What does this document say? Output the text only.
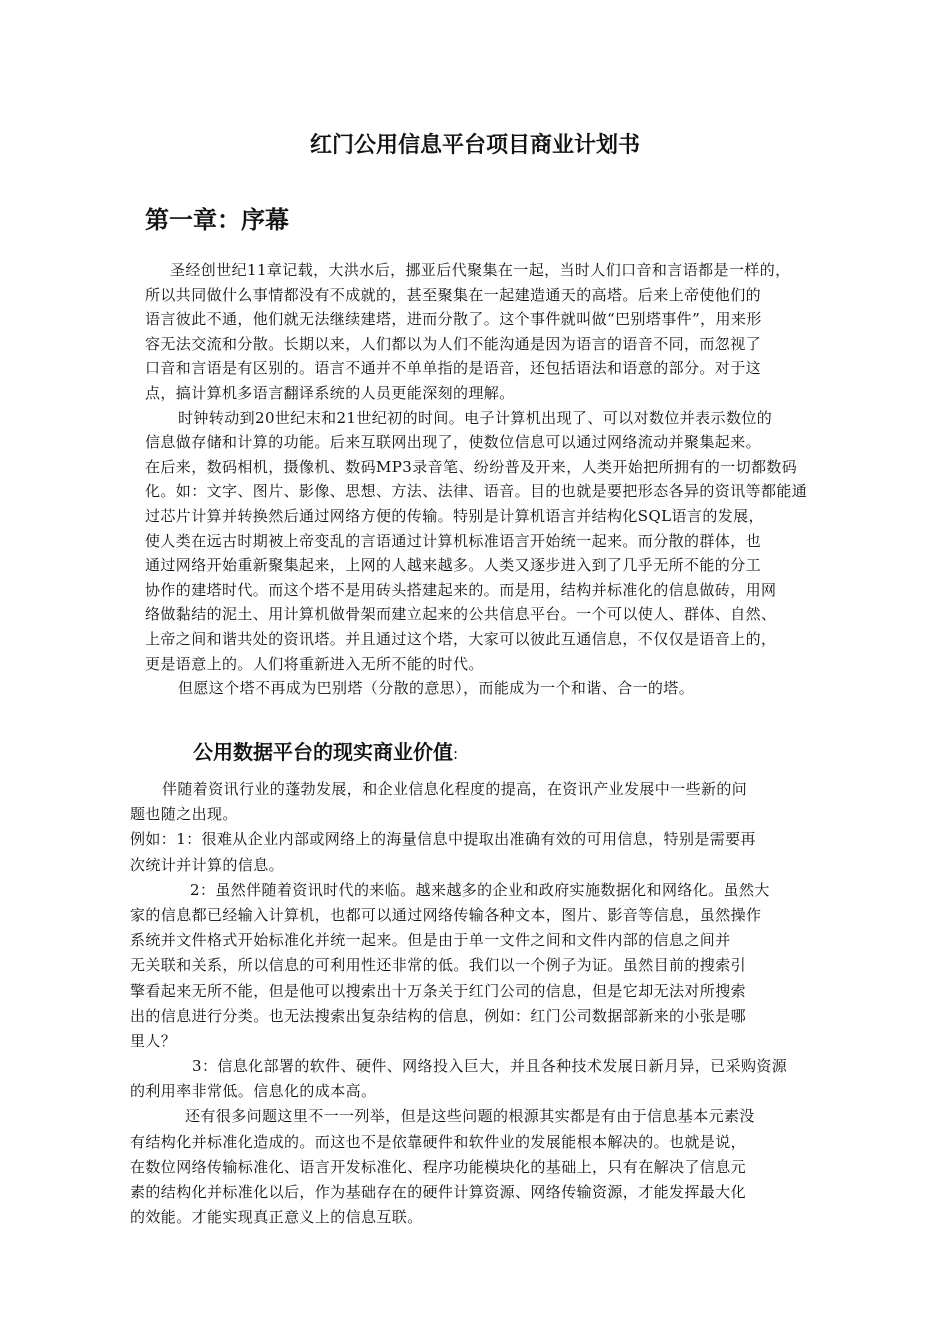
红门公用信息平台项目商业计划书
第一章：序幕
圣经创世纪11章记载，大洪水后，挪亚后代聚集在一起，当时人们口音和言语都是一样的，
所以共同做什么事情都没有不成就的，甚至聚集在一起建造通天的高塔。后来上帝使他们的
语言彼此不通，他们就无法继续建塔，进而分散了。这个事件就叫做“巴别塔事件”，用来形
容无法交流和分散。长期以来，人们都以为人们不能沟通是因为语言的语音不同，而忽视了
口音和言语是有区别的。语言不通并不单单指的是语音，还包括语法和语意的部分。对于这
点，搞计算机多语言翻译系统的人员更能深刻的理解。
时钟转动到20世纪末和21世纪初的时间。电子计算机出现了、可以对数位并表示数位的
信息做存储和计算的功能。后来互联网出现了，使数位信息可以通过网络流动并聚集起来。
在后来，数码相机，摄像机、数码MP3录音笔、纷纷普及开来，人类开始把所拥有的一切都数码
化。如：文字、图片、影像、思想、方法、法律、语音。目的也就是要把形态各异的资讯等都能通
过芯片计算并转换然后通过网络方便的传输。特别是计算机语言并结构化SQL语言的发展，
使人类在远古时期被上帝变乱的言语通过计算机标准语言开始统一起来。而分散的群体，也
通过网络开始重新聚集起来，上网的人越来越多。人类又逐步进入到了几乎无所不能的分工
协作的建塔时代。而这个塔不是用砖头搭建起来的。而是用，结构并标准化的信息做砖，用网
络做黏结的泥土、用计算机做骨架而建立起来的公共信息平台。一个可以使人、群体、自然、
上帝之间和谐共处的资讯塔。并且通过这个塔，大家可以彼此互通信息，不仅仅是语音上的，
更是语意上的。人们将重新进入无所不能的时代。
但愿这个塔不再成为巴别塔（分散的意思），而能成为一个和谐、合一的塔。
公用数据平台的现实商业价值:
伴随着资讯行业的蓬勃发展，和企业信息化程度的提高，在资讯产业发展中一些新的问
题也随之出现。
例如：1：很难从企业内部或网络上的海量信息中提取出准确有效的可用信息，特别是需要再
次统计并计算的信息。
2：虽然伴随着资讯时代的来临。越来越多的企业和政府实施数据化和网络化。虽然大
家的信息都已经输入计算机，也都可以通过网络传输各种文本，图片、影音等信息，虽然操作
系统并文件格式开始标准化并统一起来。但是由于单一文件之间和文件内部的信息之间并
无关联和关系，所以信息的可利用性还非常的低。我们以一个例子为证。虽然目前的搜索引
擎看起来无所不能，但是他可以搜索出十万条关于红门公司的信息，但是它却无法对所搜索
出的信息进行分类。也无法搜索出复杂结构的信息，例如：红门公司数据部新来的小张是哪
里人？
3：信息化部署的软件、硬件、网络投入巨大，并且各种技术发展日新月异，已采购资源
的利用率非常低。信息化的成本高。
还有很多问题这里不一一列举，但是这些问题的根源其实都是有由于信息基本元素没
有结构化并标准化造成的。而这也不是依靠硬件和软件业的发展能根本解决的。也就是说，
在数位网络传输标准化、语言开发标准化、程序功能模块化的基础上，只有在解决了信息元
素的结构化并标准化以后，作为基础存在的硬件计算资源、网络传输资源，才能发挥最大化
的效能。才能实现真正意义上的信息互联。
